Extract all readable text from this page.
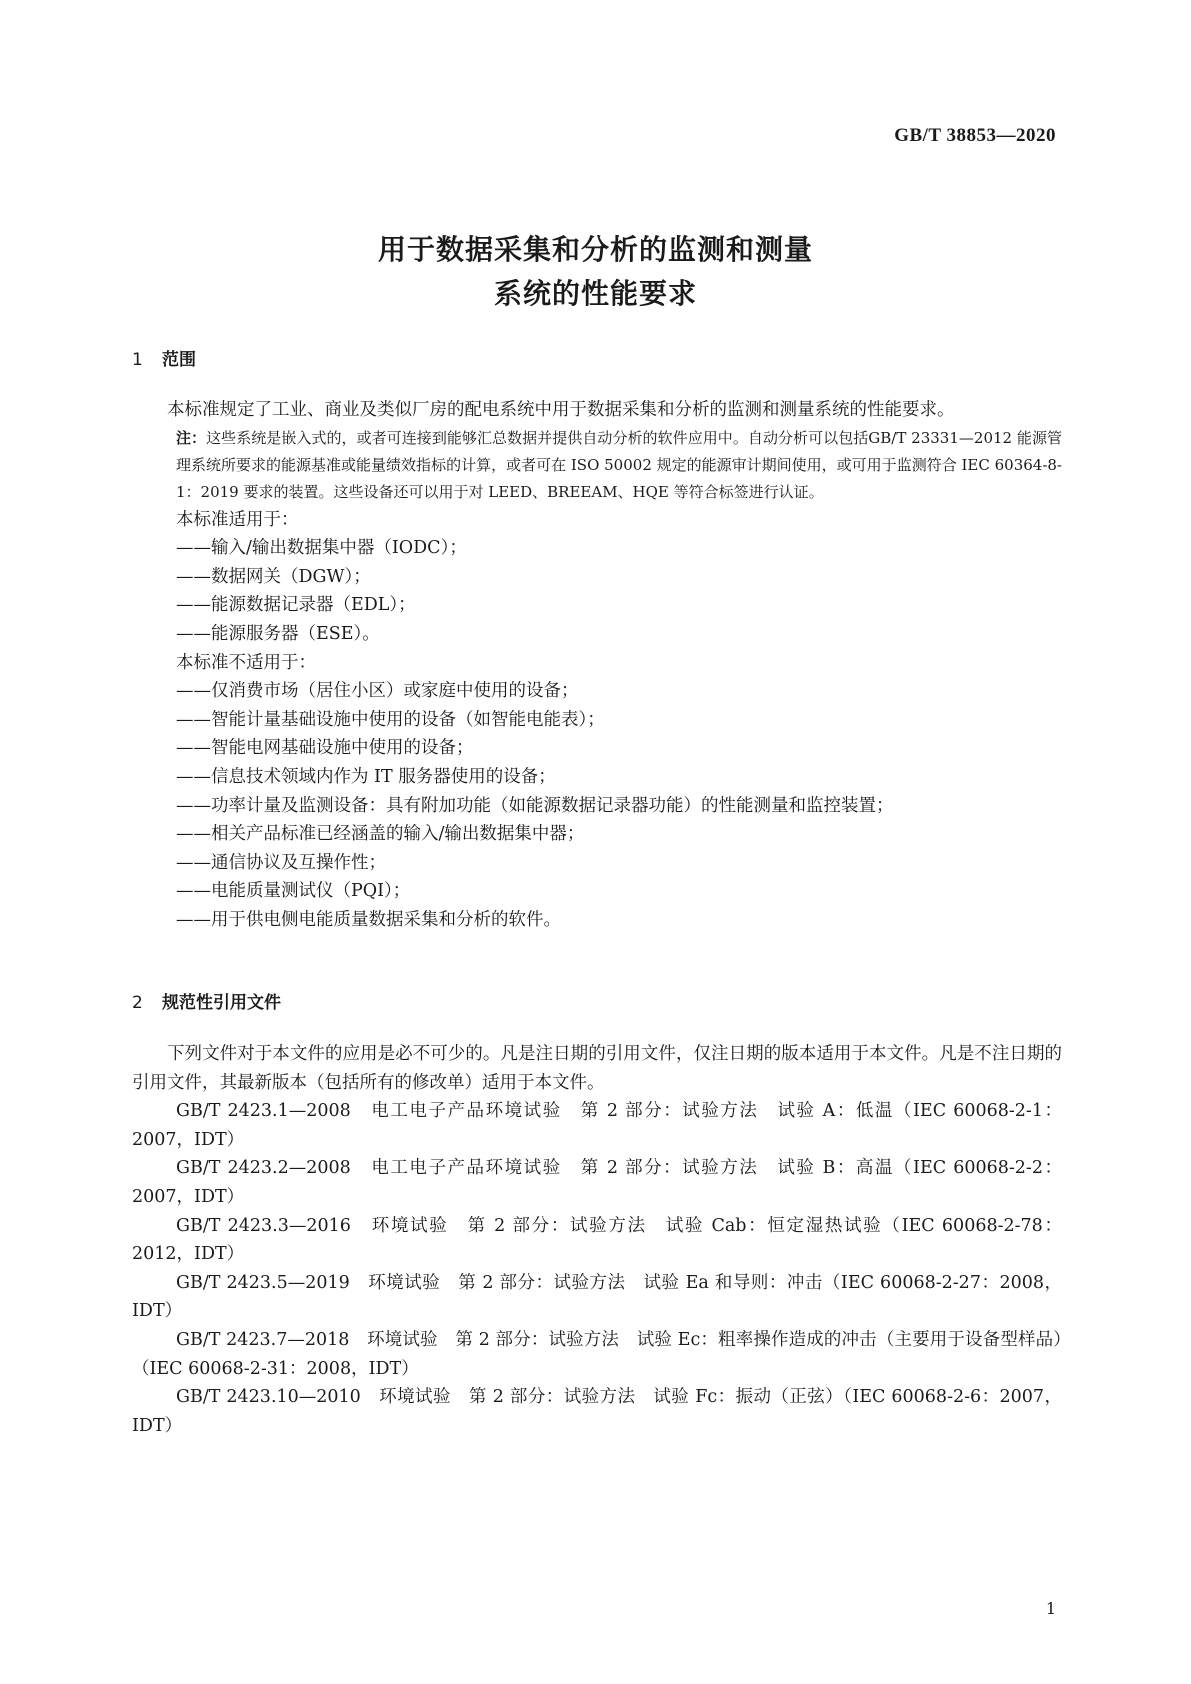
GB/T 38853—2020
用于数据采集和分析的监测和测量
系统的性能要求
1 范围

本标准规定了工业、商业及类似厂房的配电系统中用于数据采集和分析的监测和测量系统的性能要求。

注：这些系统是嵌入式的，或者可连接到能够汇总数据并提供自动分析的软件应用中。自动分析可以包括GB/T 23331—2012 能源管理系统所要求的能源基准或能量绩效指标的计算，或者可在 ISO 50002 规定的能源审计期间使用，或可用于监测符合 IEC 60364-8-1：2019 要求的装置。这些设备还可以用于对 LEED、BREEAM、HQE 等符合标签进行认证。

本标准适用于：

——输入/输出数据集中器（IODC）；

——数据网关（DGW）；

——能源数据记录器（EDL）；

——能源服务器（ESE）。

本标准不适用于：

——仅消费市场（居住小区）或家庭中使用的设备；

——智能计量基础设施中使用的设备（如智能电能表）；

——智能电网基础设施中使用的设备；

——信息技术领域内作为 IT 服务器使用的设备；

——功率计量及监测设备：具有附加功能（如能源数据记录器功能）的性能测量和监控装置；

——相关产品标准已经涵盖的输入/输出数据集中器；

——通信协议及互操作性；

——电能质量测试仪（PQI）；

——用于供电侧电能质量数据采集和分析的软件。

2 规范性引用文件

下列文件对于本文件的应用是必不可少的。凡是注日期的引用文件，仅注日期的版本适用于本文件。凡是不注日期的引用文件，其最新版本（包括所有的修改单）适用于本文件。

GB/T 2423.1—2008　电工电子产品环境试验　第 2 部分：试验方法　试验 A：低温（IEC 60068-2-1：2007，IDT）

GB/T 2423.2—2008　电工电子产品环境试验　第 2 部分：试验方法　试验 B：高温（IEC 60068-2-2：2007，IDT）

GB/T 2423.3—2016　环境试验　第 2 部分：试验方法　试验 Cab：恒定湿热试验（IEC 60068-2-78：2012，IDT）

GB/T 2423.5—2019　环境试验　第 2 部分：试验方法　试验 Ea 和导则：冲击（IEC 60068-2-27：2008，IDT）

GB/T 2423.7—2018　环境试验　第 2 部分：试验方法　试验 Ec：粗率操作造成的冲击（主要用于设备型样品）（IEC 60068-2-31：2008，IDT）

GB/T 2423.10—2010　环境试验　第 2 部分：试验方法　试验 Fc：振动（正弦）（IEC 60068-2-6：2007，IDT）

1
